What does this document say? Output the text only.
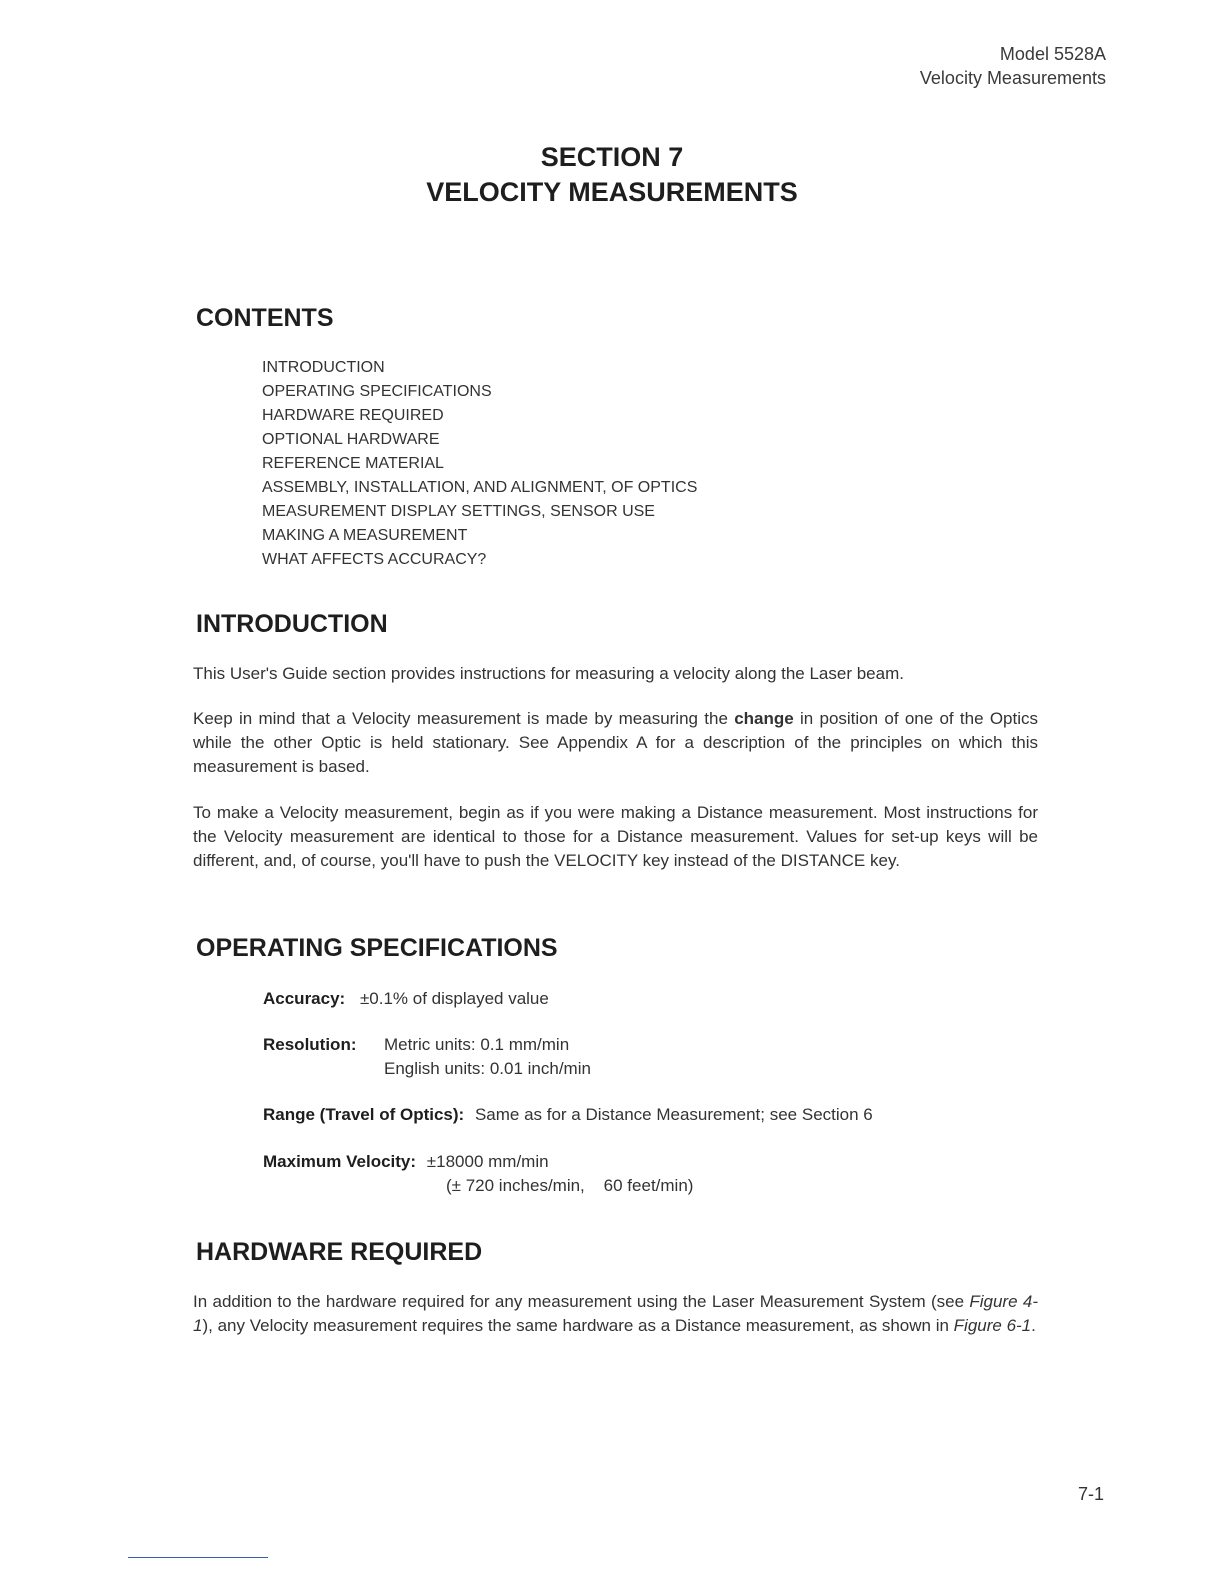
Model 5528A
Velocity Measurements
SECTION 7
VELOCITY MEASUREMENTS
CONTENTS
INTRODUCTION
OPERATING SPECIFICATIONS
HARDWARE REQUIRED
OPTIONAL HARDWARE
REFERENCE MATERIAL
ASSEMBLY, INSTALLATION, AND ALIGNMENT, OF OPTICS
MEASUREMENT DISPLAY SETTINGS, SENSOR USE
MAKING A MEASUREMENT
WHAT AFFECTS ACCURACY?
INTRODUCTION

This User's Guide section provides instructions for measuring a velocity along the Laser beam.

Keep in mind that a Velocity measurement is made by measuring the change in position of one of the Optics while the other Optic is held stationary. See Appendix A for a description of the principles on which this measurement is based.

To make a Velocity measurement, begin as if you were making a Distance measurement. Most instructions for the Velocity measurement are identical to those for a Distance measurement. Values for set-up keys will be different, and, of course, you'll have to push the VELOCITY key instead of the DISTANCE key.

OPERATING SPECIFICATIONS
Accuracy: ±0.1% of displayed value
Resolution: Metric units: 0.1 mm/min
English units: 0.01 inch/min
Range (Travel of Optics): Same as for a Distance Measurement; see Section 6
Maximum Velocity: ±18000 mm/min
(± 720 inches/min,    60 feet/min)
HARDWARE REQUIRED

In addition to the hardware required for any measurement using the Laser Measurement System (see Figure 4-1), any Velocity measurement requires the same hardware as a Distance measurement, as shown in Figure 6-1.

7-1
